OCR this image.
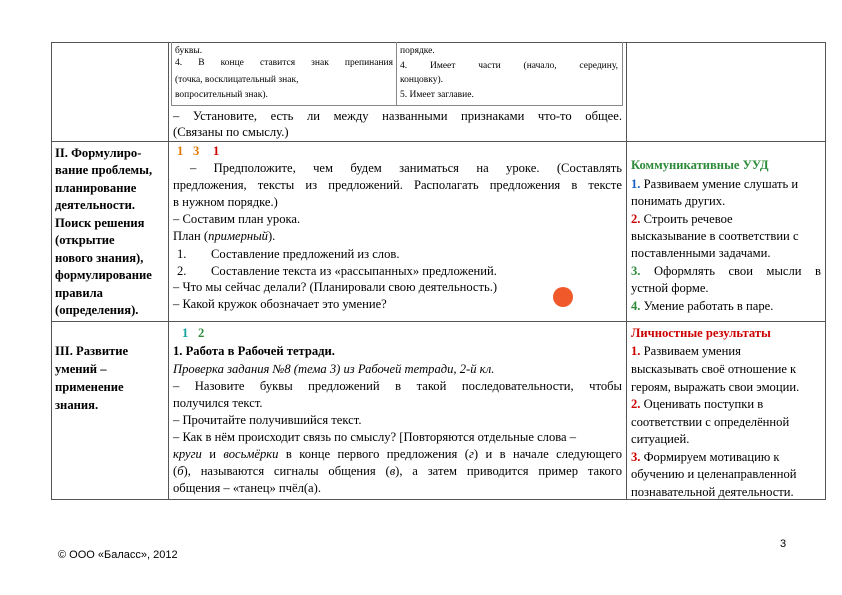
буквы.
4. В конце ставится знак препинания
(точка, восклицательный знак,
вопросительный знак).
порядке.
4. Имеет части (начало, середину,
концовку).
5. Имеет заглавие.
– Установите, есть ли между названными признаками что-то общее.
(Связаны по смыслу.)
II. Формулиро-
вание проблемы,
планирование
деятельности.
Поиск решения
(открытие
нового знания),
формулирование
правила
(определения).
1 3 1
– Предположите, чем будем заниматься на уроке. (Составлять
предложения, тексты из предложений. Располагать предложения в тексте
в нужном порядке.)
– Составим план урока.
План (примерный).
1. Составление предложений из слов.
2. Составление текста из «рассыпанных» предложений.
– Что мы сейчас делали? (Планировали свою деятельность.)
– Какой кружок обозначает это умение?
Коммуникативные УУД
1. Развиваем умение слушать и
понимать других.
2. Строить речевое
высказывание в соответствии с
поставленными задачами.
3. Оформлять свои мысли в
устной форме.
4. Умение работать в паре.
III. Развитие
умений –
применение
знания.
1 2
1. Работа в Рабочей тетради.
Проверка задания №8 (тема 3) из Рабочей тетради, 2-й кл.
– Назовите буквы предложений в такой последовательности, чтобы
получился текст.
– Прочитайте получившийся текст.
– Как в нём происходит связь по смыслу? [Повторяются отдельные слова –
круги и восьмёрки в конце первого предложения (г) и в начале следующего
(б), называются сигналы общения (в), а затем приводится пример такого
общения – «танец» пчёл(а).
Личностные результаты
1. Развиваем умения
высказывать своё отношение к
героям, выражать свои эмоции.
2. Оценивать поступки в
соответствии с определённой
ситуацией.
3. Формируем мотивацию к
обучению и целенаправленной
познавательной деятельности.
3
© ООО «Баласс», 2012
